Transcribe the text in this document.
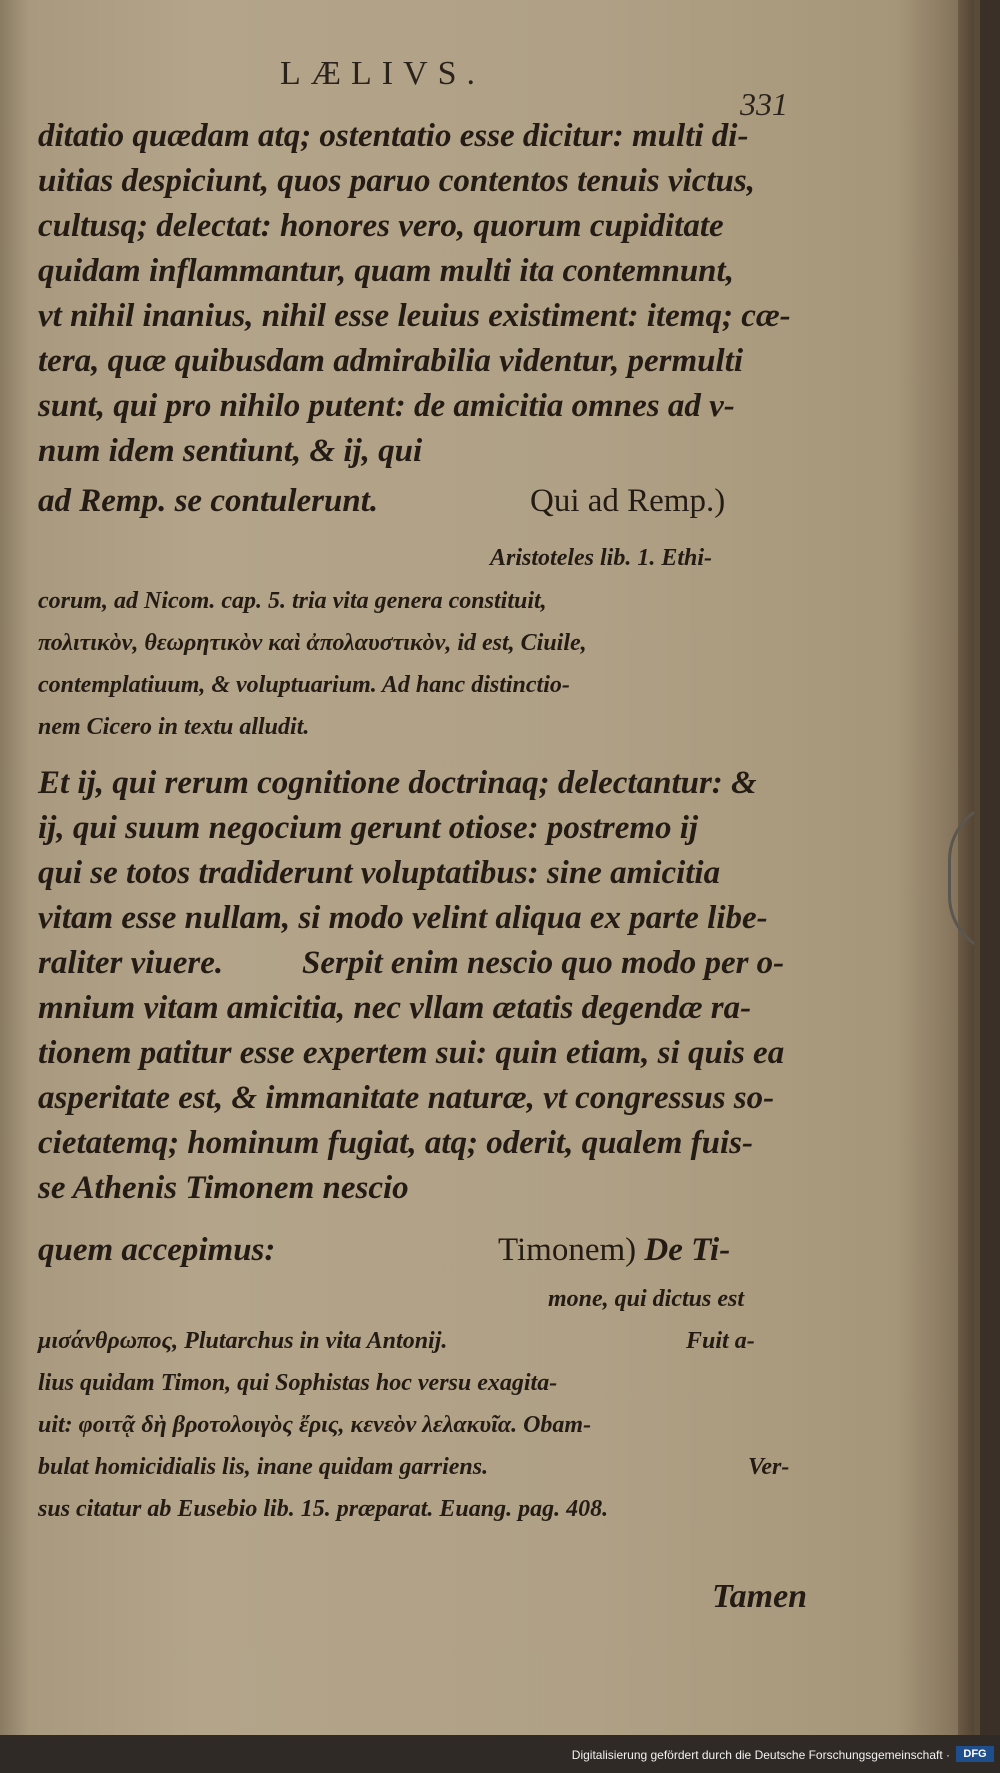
LÆLIVS.
331
ditatio quædam atq; ostentatio esse dicitur: multi di-
uitias despiciunt, quos paruo contentos tenuis victus,
cultusq; delectat: honores vero, quorum cupiditate
quidam inflammantur, quam multi ita contemnunt,
vt nihil inanius, nihil esse leuius existiment: itemq; cæ-
tera, quæ quibusdam admirabilia videntur, permulti
sunt, qui pro nihilo putent: de amicitia omnes ad v-
num idem sentiunt, & ij, qui
ad Remp. se contulerunt.	Qui ad Remp.)
Aristoteles lib. 1. Ethi-
corum, ad Nicom. cap. 5. tria vita genera constituit,
πολιτικὸν, θεωρητικὸν καὶ ἀπολαυστικὸν, id est, Ciuile,
contemplatiuum, & voluptuarium. Ad hanc distinctio-
nem Cicero in textu alludit.
Et ij, qui rerum cognitione doctrinaq; delectantur: &
ij, qui suum negocium gerunt otiose: postremo ij
qui se totos tradiderunt voluptatibus: sine amicitia
vitam esse nullam, si modo velint aliqua ex parte libe-
raliter viuere. Serpit enim nescio quo modo per o-
mnium vitam amicitia, nec vllam ætatis degendæ ra-
tionem patitur esse expertem sui: quin etiam, si quis ea
asperitate est, & immanitate naturæ, vt congressus so-
cietatemq; hominum fugiat, atq; oderit, qualem fuis-
se Athenis Timonem nescio
quem accepimus:	Timonem) De Ti-
mone, qui dictus est
μισάνθρωπος, Plutarchus in vita Antonij.	Fuit a-
lius quidam Timon, qui Sophistas hoc versu exagita-
uit: φοιτᾷ δὴ βροτολοιγὸς ἔρις, κενεὸν λελακυῖα. Obam-
bulat homicidialis lis, inane quidam garriens.	Ver-
sus citatur ab Eusebio lib. 15. præparat. Euang. pag. 408.
Tamen
Digitalisierung gefördert durch die Deutsche Forschungsgemeinschaft ·	DFG
